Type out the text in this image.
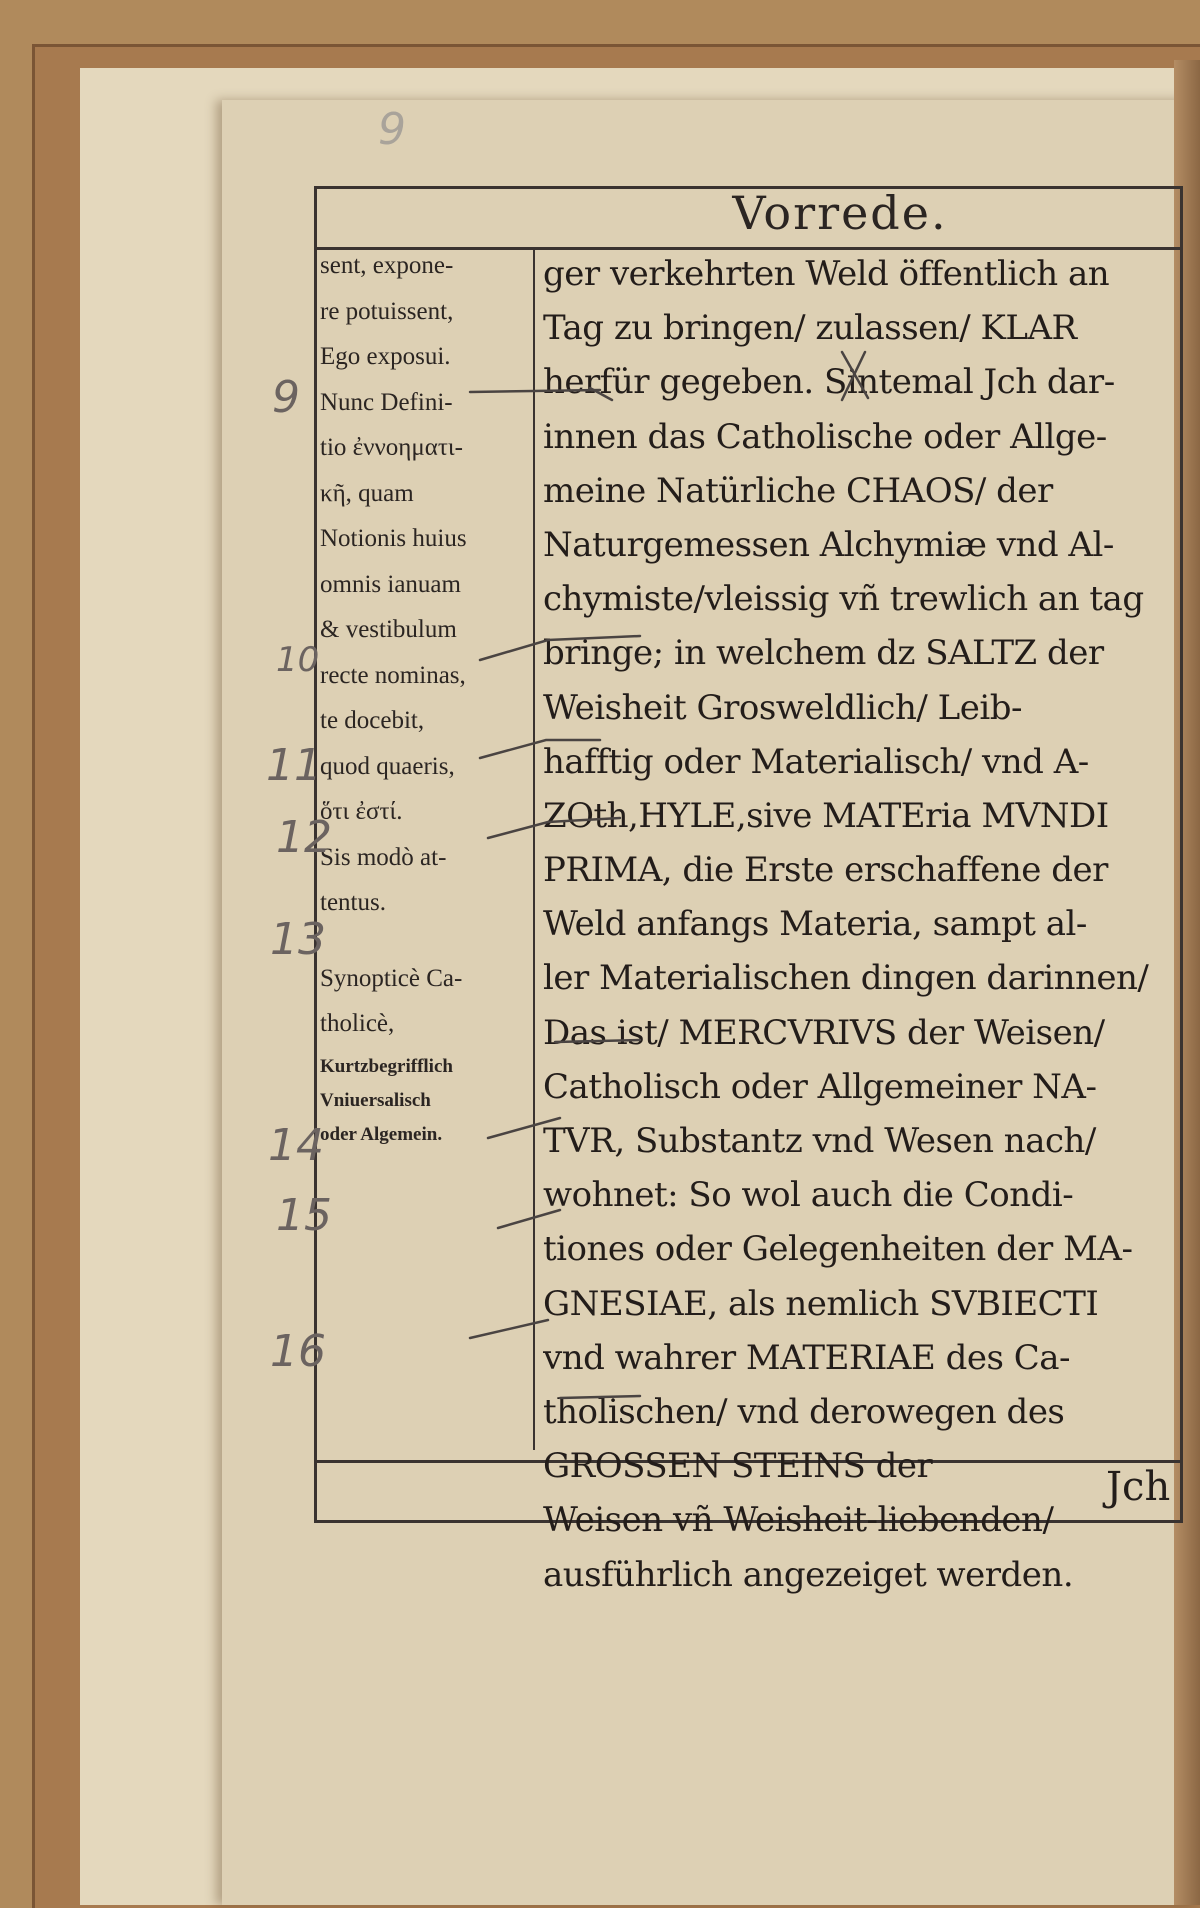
9
Vorrede.
sent, expone-
re potuissent,
Ego exposui.
Nunc Defini-
tio ἐννοηματι-
κῆ, quam
Notionis huius
omnis ianuam
& vestibulum
recte nominas,
te docebit,
quod quaeris,
ὅτι ἐστί.
Sis modò at-
tentus.
Synopticè Ca-
tholicè,
Kurtzbegrifflich
Vniuersalisch
oder Algemein.
ger verkehrten Weld öffentlich an
Tag zu bringen/ zulassen/ KLAR
herfür gegeben. Sintemal Jch dar-
innen das Catholische oder Allge-
meine Natürliche CHAOS/ der
Naturgemessen Alchymiæ vnd Al-
chymiste/vleissig vñ trewlich an tag
bringe; in welchem dz SALTZ der
Weisheit Grosweldlich/ Leib-
hafftig oder Materialisch/ vnd A-
ZOth,HYLE,sive MATEria MVNDI
PRIMA, die Erste erschaffene der
Weld anfangs Materia, sampt al-
ler Materialischen dingen darinnen/
Das ist/ MERCVRIVS der Weisen/
Catholisch oder Allgemeiner NA-
TVR, Substantz vnd Wesen nach/
wohnet: So wol auch die Condi-
tiones oder Gelegenheiten der MA-
GNESIAE, als nemlich SVBIECTI
vnd wahrer MATERIAE des Ca-
tholischen/ vnd derowegen des
GROSSEN STEINS der
Weisen vñ Weisheit-liebenden/
ausführlich angezeiget werden.
Jch
9
10
11
12
13
14
15
16
